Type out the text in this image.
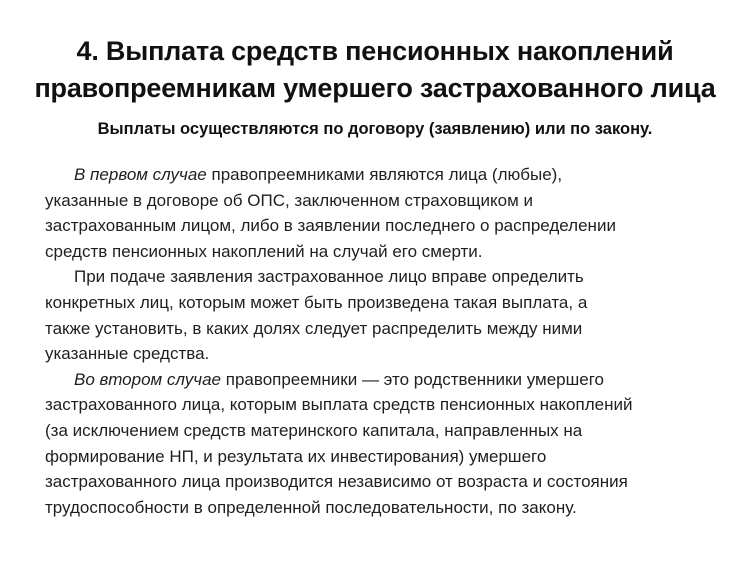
4. Выплата средств пенсионных накоплений
правопреемникам умершего застрахованного лица
Выплаты осуществляются по договору (заявлению) или по закону.
В первом случае правопреемниками являются лица (любые),
указанные в договоре об ОПС, заключенном страховщиком и
застрахованным лицом, либо в заявлении последнего о распределении
средств пенсионных накоплений на случай его смерти.
При подаче заявления застрахованное лицо вправе определить
конкретных лиц, которым может быть произведена такая выплата, а
также установить, в каких долях следует распределить между ними
указанные средства.
Во втором случае правопреемники — это родственники умершего
застрахованного лица, которым выплата средств пенсионных накоплений
(за исключением средств материнского капитала, направленных на
формирование НП, и результата их инвестирования) умершего
застрахованного лица производится независимо от возраста и состояния
трудоспособности в определенной последовательности, по закону.
